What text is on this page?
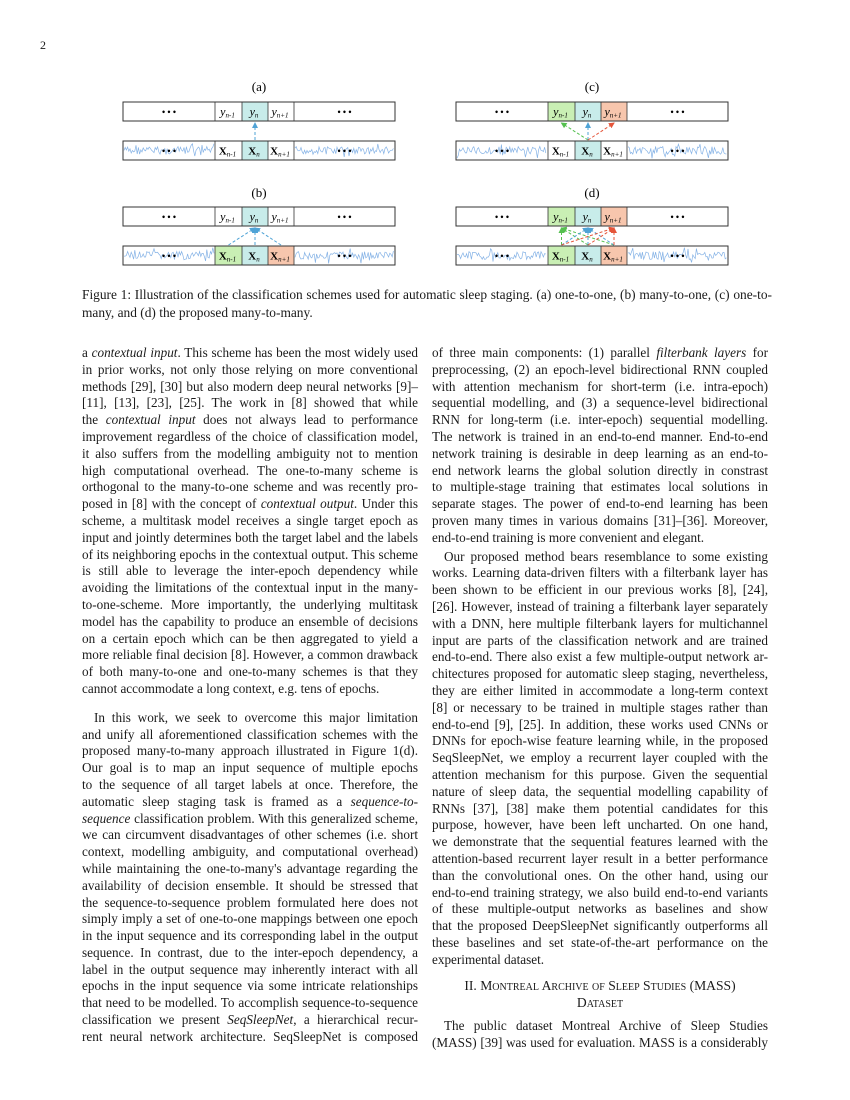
2
(a)
• • •	• • •
yn-1 yn yn+1
• • •	• • •
Xn-1 Xn Xn+1
(b)
• • •	• • •
yn-1 yn yn+1
• • •	• • •
Xn-1 Xn Xn+1
(c)
• • •	• • •
yn-1 yn yn+1
• • •	• • •
Xn-1 Xn Xn+1
(d)
• • •	• • •
yn-1 yn yn+1
• • •	• • •
Xn-1 Xn Xn+1
Figure 1: Illustration of the classification schemes used for automatic sleep staging. (a) one-to-one, (b) many-to-one, (c) one-to-many, and (d) the proposed many-to-many.
a contextual input. This scheme has been the most widely used
in prior works, not only those relying on more conventional
methods [29], [30] but also modern deep neural networks [9]–
[11], [13], [23], [25]. The work in [8] showed that while
the contextual input does not always lead to performance
improvement regardless of the choice of classification model,
it also suffers from the modelling ambiguity not to mention
high computational overhead. The one-to-many scheme is
orthogonal to the many-to-one scheme and was recently pro-
posed in [8] with the concept of contextual output. Under this
scheme, a multitask model receives a single target epoch as
input and jointly determines both the target label and the labels
of its neighboring epochs in the contextual output. This scheme
is still able to leverage the inter-epoch dependency while
avoiding the limitations of the contextual input in the many-
to-one-scheme. More importantly, the underlying multitask
model has the capability to produce an ensemble of decisions
on a certain epoch which can be then aggregated to yield a
more reliable final decision [8]. However, a common drawback
of both many-to-one and one-to-many schemes is that they
cannot accommodate a long context, e.g. tens of epochs.
In this work, we seek to overcome this major limitation
and unify all aforementioned classification schemes with the
proposed many-to-many approach illustrated in Figure 1(d).
Our goal is to map an input sequence of multiple epochs
to the sequence of all target labels at once. Therefore, the
automatic sleep staging task is framed as a sequence-to-
sequence classification problem. With this generalized scheme,
we can circumvent disadvantages of other schemes (i.e. short
context, modelling ambiguity, and computational overhead)
while maintaining the one-to-many's advantage regarding the
availability of decision ensemble. It should be stressed that
the sequence-to-sequence problem formulated here does not
simply imply a set of one-to-one mappings between one epoch
in the input sequence and its corresponding label in the output
sequence. In contrast, due to the inter-epoch dependency, a
label in the output sequence may inherently interact with all
epochs in the input sequence via some intricate relationships
that need to be modelled. To accomplish sequence-to-sequence
classification we present SeqSleepNet, a hierarchical recur-
rent neural network architecture. SeqSleepNet is composed
of three main components: (1) parallel filterbank layers for
preprocessing, (2) an epoch-level bidirectional RNN coupled
with attention mechanism for short-term (i.e. intra-epoch)
sequential modelling, and (3) a sequence-level bidirectional
RNN for long-term (i.e. inter-epoch) sequential modelling.
The network is trained in an end-to-end manner. End-to-end
network training is desirable in deep learning as an end-to-
end network learns the global solution directly in constrast
to multiple-stage training that estimates local solutions in
separate stages. The power of end-to-end learning has been
proven many times in various domains [31]–[36]. Moreover,
end-to-end training is more convenient and elegant.
Our proposed method bears resemblance to some existing
works. Learning data-driven filters with a filterbank layer has
been shown to be efficient in our previous works [8], [24],
[26]. However, instead of training a filterbank layer separately
with a DNN, here multiple filterbank layers for multichannel
input are parts of the classification network and are trained
end-to-end. There also exist a few multiple-output network ar-
chitectures proposed for automatic sleep staging, nevertheless,
they are either limited in accommodate a long-term context
[8] or necessary to be trained in multiple stages rather than
end-to-end [9], [25]. In addition, these works used CNNs or
DNNs for epoch-wise feature learning while, in the proposed
SeqSleepNet, we employ a recurrent layer coupled with the
attention mechanism for this purpose. Given the sequential
nature of sleep data, the sequential modelling capability of
RNNs [37], [38] make them potential candidates for this
purpose, however, have been left uncharted. On one hand,
we demonstrate that the sequential features learned with the
attention-based recurrent layer result in a better performance
than the convolutional ones. On the other hand, using our
end-to-end training strategy, we also build end-to-end variants
of these multiple-output networks as baselines and show
that the proposed DeepSleepNet significantly outperforms all
these baselines and set state-of-the-art performance on the
experimental dataset.
II. Montreal Archive of Sleep Studies (MASS)
Dataset
The public dataset Montreal Archive of Sleep Studies
(MASS) [39] was used for evaluation. MASS is a considerably
